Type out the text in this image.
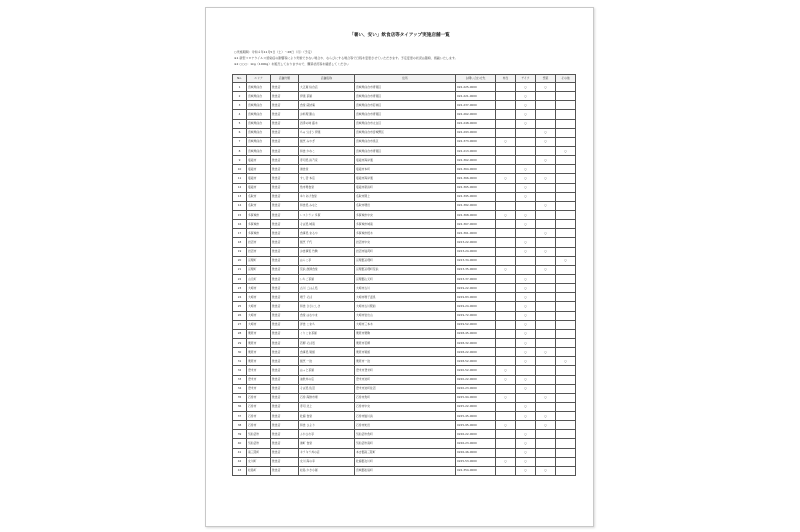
「暑い、安い」飲食店等タイアップ実施店舗一覧
○実施期間：令和４年11月5日（土）〜28日（月）（予定）
※1 新型コロナウイルス感染症の影響等により実施できない場合や、ならびにする場合等で日程を変更させていただきます。予定変更の状況は随時、掲載いたします。
※2 ○○○：1kg（1000g）を販売しておりますので、購買状況等を確認してください
No.	エリア	店舗分類	店舗名称	住所	お問い合わせ先	弁当	テイク	惣菜	その他
1	宮城県仙台	飲食店	大正屋 仙台店	宮城県仙台市青葉区	022-225-0000		○	○	
2	宮城県仙台	飲食店	伊達 茶屋	宮城県仙台市青葉区	022-221-0000		○		
3	宮城県仙台	飲食店	食堂 蔵結庵	宮城県仙台市若林区	022-237-0000		○		
4	宮城県仙台	飲食店	お料理 勝山	宮城県仙台市青葉区	022-262-0000		○		
5	宮城県仙台	飲食店	四季の味 藤木	宮城県仙台市太白区	022-248-0000		○		
6	宮城県仙台	飲食店	ちゅうぼう 伊達	宮城県仙台市宮城野区	022-293-0000			○	
7	宮城県仙台	飲食店	割烹 みやぎ	宮城県仙台市泉区	022-373-0000	○		○	
8	宮城県仙台	飲食店	和食 かねこ	宮城県仙台市青葉区	022-213-0000				○
9	塩竈市	飲食店	寿司処 浜乃家	塩竈市海岸通	022-362-0000			○	
10	塩竈市	飲食店	港食堂	塩竈市本町	022-364-0000		○		
11	塩竈市	飲食店	すし哲 本店	塩竈市海岸通	022-366-0000	○	○	○	
12	塩竈市	飲食店	魚市場食堂	塩竈市新浜町	022-365-0000		○		
13	名取市	飲食店	ゆりあげ食堂	名取市閖上	022-395-0000		○		
14	名取市	飲食店	和食処 みなと	名取市増田	022-382-0000			○	
15	多賀城市	飲食店	レストラン 多賀	多賀城市中央	022-368-0000	○	○		
16	多賀城市	飲食店	そば処 城南	多賀城市城南	022-367-0000		○		
17	多賀城市	飲食店	食事処 まるや	多賀城市桜木	022-361-0000			○	
18	岩沼市	飲食店	割烹 千代	岩沼市中央	0223-22-0000		○		
19	岩沼市	飲食店	お食事処 竹駒	岩沼市稲荷町	0223-24-0000		○	○	
20	亘理町	飲食店	はらこ亭	亘理郡亘理町	0223-34-0000				○
21	亘理町	飲食店	荒浜 漁師食堂	亘理郡亘理町荒浜	0223-35-0000	○		○	
22	山元町	飲食店	いちご茶屋	亘理郡山元町	0223-37-0000		○		
23	大崎市	飲食店	古川 ごはん処	大崎市古川	0229-22-0000		○		
24	大崎市	飲食店	鳴子 そば	大崎市鳴子温泉	0229-83-0000		○		
25	大崎市	飲食店	和食 ささにしき	大崎市古川駅前	0229-24-0000		○		
26	大崎市	飲食店	食堂 はなやま	大崎市岩出山	0229-72-0000		○		
27	大崎市	飲食店	洋食 こまち	大崎市三本木	0229-52-0000		○		
28	栗原市	飲食店	くりこま茶屋	栗原市栗駒	0228-45-0000		○		
29	栗原市	飲食店	若柳 そば処	栗原市若柳	0228-32-0000		○		
30	栗原市	飲食店	食事処 築館	栗原市築館	0228-22-0000		○	○	
31	栗原市	飲食店	割烹 一迫	栗原市一迫	0228-52-0000		○		○
32	登米市	飲食店	はっと茶屋	登米市登米町	0220-52-0000	○			
33	登米市	飲食店	油麩丼の店	登米市迫町	0220-22-0000	○	○		
34	登米市	飲食店	そば処 佐沼	登米市迫町佐沼	0220-23-0000		○		
35	石巻市	飲食店	石巻 海鮮市場	石巻市魚町	0225-94-0000	○		○	
36	石巻市	飲食店	寿司 北上	石巻市中央	0225-22-0000		○		
37	石巻市	飲食店	牡鹿 食堂	石巻市鮎川浜	0225-45-0000		○	○	
38	石巻市	飲食店	和食 ひより	石巻市蛇田	0225-95-0000	○		○	
39	気仙沼市	飲食店	ふかひれ亭	気仙沼市魚町	0226-22-0000		○		
40	気仙沼市	飲食店	港町 食堂	気仙沼市南町	0226-23-0000		○		
41	南三陸町	飲食店	キラキラ丼の店	本吉郡南三陸町	0226-46-0000		○		
42	女川町	飲食店	女川 海の幸	牡鹿郡女川町	0225-53-0000	○	○		
43	松島町	飲食店	松島 かき小屋	宮城郡松島町	022-354-0000		○	○	
